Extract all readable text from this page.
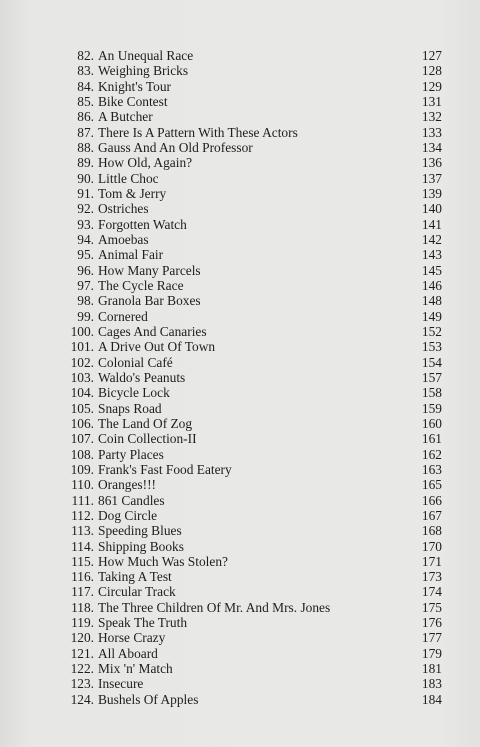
82. An Unequal Race	127
83. Weighing Bricks	128
84. Knight's Tour	129
85. Bike Contest	131
86. A Butcher	132
87. There Is A Pattern With These Actors	133
88. Gauss And An Old Professor	134
89. How Old, Again?	136
90. Little Choc	137
91. Tom & Jerry	139
92. Ostriches	140
93. Forgotten Watch	141
94. Amoebas	142
95. Animal Fair	143
96. How Many Parcels	145
97. The Cycle Race	146
98. Granola Bar Boxes	148
99. Cornered	149
100. Cages And Canaries	152
101. A Drive Out Of Town	153
102. Colonial Café	154
103. Waldo's Peanuts	157
104. Bicycle Lock	158
105. Snaps Road	159
106. The Land Of Zog	160
107. Coin Collection-II	161
108. Party Places	162
109. Frank's Fast Food Eatery	163
110. Oranges!!!	165
111. 861 Candles	166
112. Dog Circle	167
113. Speeding Blues	168
114. Shipping Books	170
115. How Much Was Stolen?	171
116. Taking A Test	173
117. Circular Track	174
118. The Three Children Of Mr. And Mrs. Jones	175
119. Speak The Truth	176
120. Horse Crazy	177
121. All Aboard	179
122. Mix 'n' Match	181
123. Insecure	183
124. Bushels Of Apples	184
